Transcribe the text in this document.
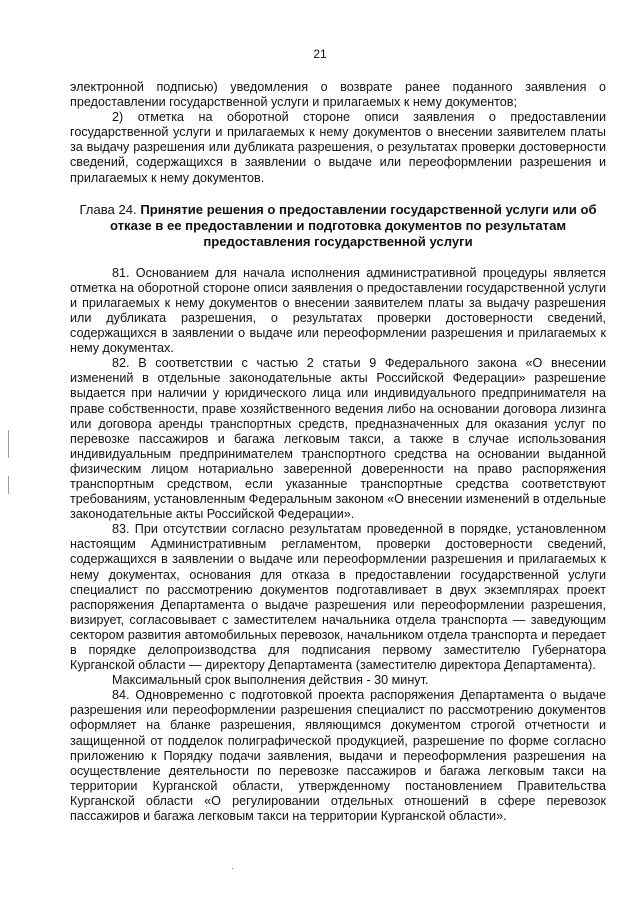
21

электронной подписью) уведомления о возврате ранее поданного заявления о предоставлении государственной услуги и прилагаемых к нему документов;

2) отметка на оборотной стороне описи заявления о предоставлении государственной услуги и прилагаемых к нему документов о внесении заявителем платы за выдачу разрешения или дубликата разрешения, о результатах проверки достоверности сведений, содержащихся в заявлении о выдаче или переоформлении разрешения и прилагаемых к нему документов.

Глава 24. Принятие решения о предоставлении государственной услуги или об отказе в ее предоставлении и подготовка документов по результатам предоставления государственной услуги

81. Основанием для начала исполнения административной процедуры является отметка на оборотной стороне описи заявления о предоставлении государственной услуги и прилагаемых к нему документов о внесении заявителем платы за выдачу разрешения или дубликата разрешения, о результатах проверки достоверности сведений, содержащихся в заявлении о выдаче или переоформлении разрешения и прилагаемых к нему документах.

82. В соответствии с частью 2 статьи 9 Федерального закона «О внесении изменений в отдельные законодательные акты Российской Федерации» разрешение выдается при наличии у юридического лица или индивидуального предпринимателя на праве собственности, праве хозяйственного ведения либо на основании договора лизинга или договора аренды транспортных средств, предназначенных для оказания услуг по перевозке пассажиров и багажа легковым такси, а также в случае использования индивидуальным предпринимателем транспортного средства на основании выданной физическим лицом нотариально заверенной доверенности на право распоряжения транспортным средством, если указанные транспортные средства соответствуют требованиям, установленным Федеральным законом «О внесении изменений в отдельные законодательные акты Российской Федерации».

83. При отсутствии согласно результатам проведенной в порядке, установленном настоящим Административным регламентом, проверки достоверности сведений, содержащихся в заявлении о выдаче или переоформлении разрешения и прилагаемых к нему документах, основания для отказа в предоставлении государственной услуги специалист по рассмотрению документов подготавливает в двух экземплярах проект распоряжения Департамента о выдаче разрешения или переоформлении разрешения, визирует, согласовывает с заместителем начальника отдела транспорта — заведующим сектором развития автомобильных перевозок, начальником отдела транспорта и передает в порядке делопроизводства для подписания первому заместителю Губернатора Курганской области — директору Департамента (заместителю директора Департамента).

Максимальный срок выполнения действия - 30 минут.

84. Одновременно с подготовкой проекта распоряжения Департамента о выдаче разрешения или переоформлении разрешения специалист по рассмотрению документов оформляет на бланке разрешения, являющимся документом строгой отчетности и защищенной от подделок полиграфической продукцией, разрешение по форме согласно приложению к Порядку подачи заявления, выдачи и переоформления разрешения на осуществление деятельности по перевозке пассажиров и багажа легковым такси на территории Курганской области, утвержденному постановлением Правительства Курганской области «О регулировании отдельных отношений в сфере перевозок пассажиров и багажа легковым такси на территории Курганской области».
